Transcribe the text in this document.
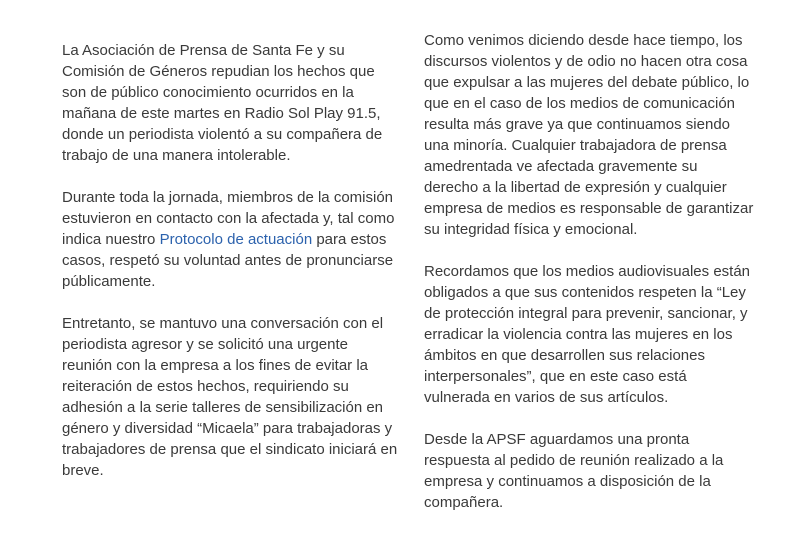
La Asociación de Prensa de Santa Fe y su Comisión de Géneros repudian los hechos que son de público conocimiento ocurridos en la mañana de este martes en Radio Sol Play 91.5, donde un periodista violentó a su compañera de trabajo de una manera intolerable.

Durante toda la jornada, miembros de la comisión estuvieron en contacto con la afectada y, tal como indica nuestro Protocolo de actuación para estos casos, respetó su voluntad antes de pronunciarse públicamente.

Entretanto, se mantuvo una conversación con el periodista agresor y se solicitó una urgente reunión con la empresa a los fines de evitar la reiteración de estos hechos, requiriendo su adhesión a la serie talleres de sensibilización en género y diversidad “Micaela” para trabajadoras y trabajadores de prensa que el sindicato iniciará en breve.

Como venimos diciendo desde hace tiempo, los discursos violentos y de odio no hacen otra cosa que expulsar a las mujeres del debate público, lo que en el caso de los medios de comunicación resulta más grave ya que continuamos siendo una minoría. Cualquier trabajadora de prensa amedrentada ve afectada gravemente su derecho a la libertad de expresión y cualquier empresa de medios es responsable de garantizar su integridad física y emocional.

Recordamos que los medios audiovisuales están obligados a que sus contenidos respeten la “Ley de protección integral para prevenir, sancionar, y erradicar la violencia contra las mujeres en los ámbitos en que desarrollen sus relaciones interpersonales”, que en este caso está vulnerada en varios de sus artículos.

Desde la APSF aguardamos una pronta respuesta al pedido de reunión realizado a la empresa y continuamos a disposición de la compañera.
